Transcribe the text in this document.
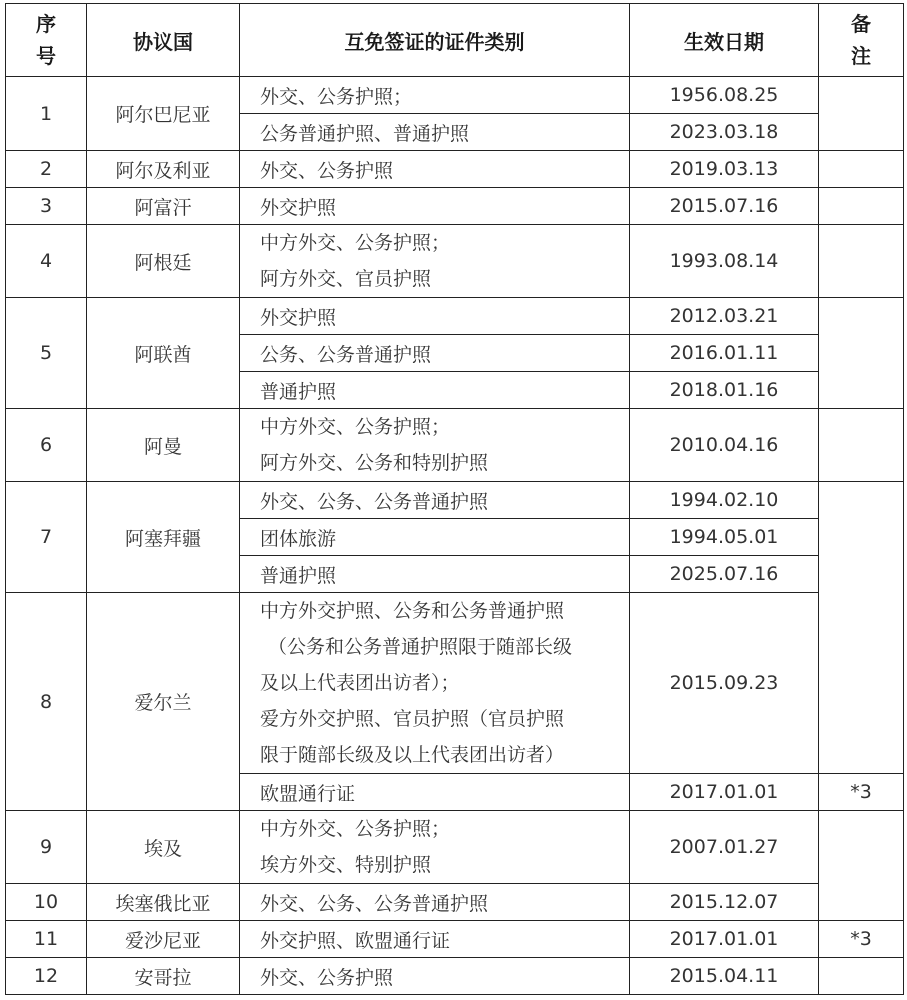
序
号	协议国	互免签证的证件类别	生效日期	备
注

1	阿尔巴尼亚	外交、公务护照；	1956.08.25	
		公务普通护照、普通护照	2023.03.18	
2	阿尔及利亚	外交、公务护照	2019.03.13	
3	阿富汗	外交护照	2015.07.16	
4	阿根廷	中方外交、公务护照；
阿方外交、官员护照	1993.08.14	
5	阿联酋	外交护照	2012.03.21	
		公务、公务普通护照	2016.01.11	
		普通护照	2018.01.16	
6	阿曼	中方外交、公务护照；
阿方外交、公务和特别护照	2010.04.16	
7	阿塞拜疆	外交、公务、公务普通护照	1994.02.10	
		团体旅游	1994.05.01	
		普通护照	2025.07.16	
8	爱尔兰	中方外交护照、公务和公务普通护照
（公务和公务普通护照限于随部长级
及以上代表团出访者）；
爱方外交护照、官员护照（官员护照
限于随部长级及以上代表团出访者）	2015.09.23	
		欧盟通行证	2017.01.01	*3
9	埃及	中方外交、公务护照；
埃方外交、特别护照	2007.01.27	
10	埃塞俄比亚	外交、公务、公务普通护照	2015.12.07	
11	爱沙尼亚	外交护照、欧盟通行证	2017.01.01	*3
12	安哥拉	外交、公务护照	2015.04.11	
